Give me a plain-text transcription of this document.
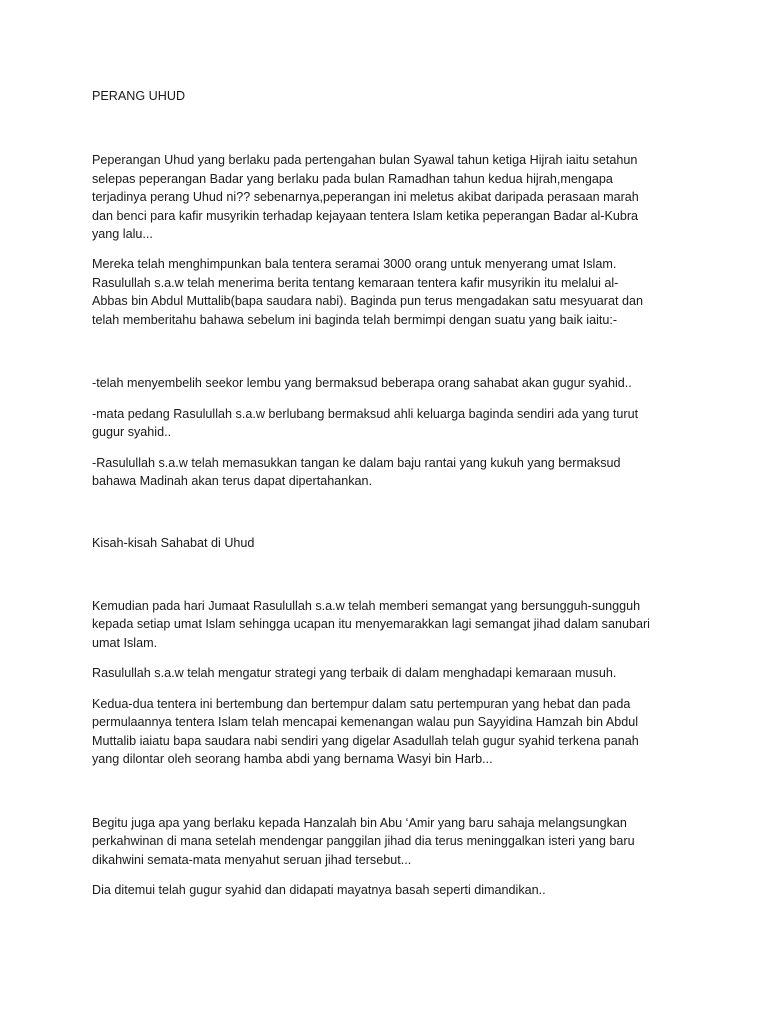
PERANG UHUD

Peperangan Uhud yang berlaku pada pertengahan bulan Syawal tahun ketiga Hijrah iaitu setahun

selepas peperangan Badar yang berlaku pada bulan Ramadhan tahun kedua hijrah,mengapa

terjadinya perang Uhud ni?? sebenarnya,peperangan ini meletus akibat daripada perasaan marah

dan benci para kafir musyrikin terhadap kejayaan tentera Islam ketika peperangan Badar al-Kubra

yang lalu...

Mereka telah menghimpunkan bala tentera seramai 3000 orang untuk menyerang umat Islam.

Rasulullah s.a.w telah menerima berita tentang kemaraan tentera kafir musyrikin itu melalui al-

Abbas bin Abdul Muttalib(bapa saudara nabi). Baginda pun terus mengadakan satu mesyuarat dan

telah memberitahu bahawa sebelum ini baginda telah bermimpi dengan suatu yang baik iaitu:-

-telah menyembelih seekor lembu yang bermaksud beberapa orang sahabat akan gugur syahid..

-mata pedang Rasulullah s.a.w berlubang bermaksud ahli keluarga baginda sendiri ada yang turut

gugur syahid..

-Rasulullah s.a.w telah memasukkan tangan ke dalam baju rantai yang kukuh yang bermaksud

bahawa Madinah akan terus dapat dipertahankan.

Kisah-kisah Sahabat di Uhud

Kemudian pada hari Jumaat Rasulullah s.a.w telah memberi semangat yang bersungguh-sungguh

kepada setiap umat Islam sehingga ucapan itu menyemarakkan lagi semangat jihad dalam sanubari

umat Islam.

Rasulullah s.a.w telah mengatur strategi yang terbaik di dalam menghadapi kemaraan musuh.

Kedua-dua tentera ini bertembung dan bertempur dalam satu pertempuran yang hebat dan pada

permulaannya tentera Islam telah mencapai kemenangan walau pun Sayyidina Hamzah bin Abdul

Muttalib iaiatu bapa saudara nabi sendiri yang digelar Asadullah telah gugur syahid terkena panah

yang dilontar oleh seorang hamba abdi yang bernama Wasyi bin Harb...

Begitu juga apa yang berlaku kepada Hanzalah bin Abu ‘Amir yang baru sahaja melangsungkan

perkahwinan di mana setelah mendengar panggilan jihad dia terus meninggalkan isteri yang baru

dikahwini semata-mata menyahut seruan jihad tersebut...

Dia ditemui telah gugur syahid dan didapati mayatnya basah seperti dimandikan..
